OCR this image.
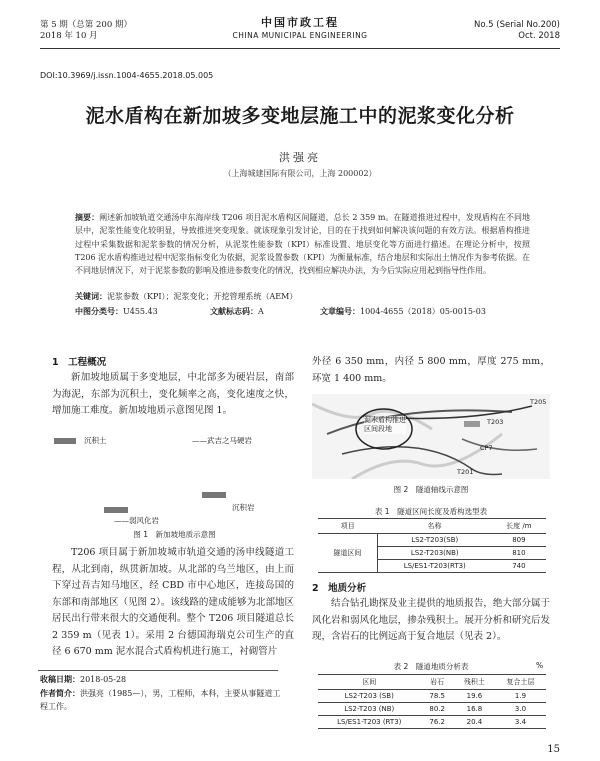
第 5 期（总第 200 期）
2018 年 10 月
中国市政工程
CHINA MUNICIPAL ENGINEERING
No.5 (Serial No.200)
Oct. 2018
DOI:10.3969/j.issn.1004-4655.2018.05.005
泥水盾构在新加坡多变地层施工中的泥浆变化分析
洪强亮
（上海城建国际有限公司，上海 200002）
摘要：阐述新加坡轨道交通汤申东海岸线 T206 项目泥水盾构区间隧道，总长 2 359 m。在隧道推进过程中，发现盾构在不同地层中，泥浆性能变化较明显，导致推进突变现象。就该现象引发讨论，目的在于找到如何解决该问题的有效方法。根据盾构推进过程中采集数据和泥浆参数的情况分析，从泥浆性能参数（KPI）标准设置、地层变化等方面进行描述。在理论分析中，按照 T206 泥水盾构推进过程中泥浆指标变化为依据，泥浆设置参数（KPI）为衡量标准，结合地层和实际出土情况作为参考依据。在不同地层情况下，对于泥浆参数的影响及推进参数变化的情况，找到相应解决办法，为今后实际应用起到指导性作用。
关键词：泥浆参数（KPI）；泥浆变化；开挖管理系统（AEM）
中图分类号：U455.43	文献标志码：A	文章编号：1004-4655（2018）05-0015-03
1　工程概况
新加坡地质属于多变地层，中北部多为硬岩层，南部为海泥，东部为沉积土，变化频率之高，变化速度之快，增加施工难度。新加坡地质示意图见图 1。
沉积土	——武吉之马硬岩
沉积岩
——弱风化岩
图 1　新加坡地质示意图
T206 项目属于新加坡城市轨道交通的汤申线隧道工程，从北到南，纵贯新加坡。从北部的乌兰地区，由上而下穿过吾吉知马地区，经 CBD 市中心地区，连接岛国的东部和南部地区（见图 2）。该线路的建成能够为北部地区居民出行带来很大的交通便利。整个 T206 项目隧道总长 2 359 m（见表 1）。采用 2 台德国海瑞克公司生产的直径 6 670 mm 泥水混合式盾构机进行施工，衬砌管片
收稿日期：2018-05-28
作者简介：洪强亮（1985—），男，工程师，本科，主要从事隧道工程工作。
外径 6 350 mm，内径 5 800 mm，厚度 275 mm，环宽 1 400 mm。
泥水盾构推进
区间段地
T203
CP7
T201
T205
图 2　隧道轴线示意图
表 1　隧道区间长度及盾构选型表
项目	名称	长度 /m
隧道区间	LS2-T203(SB)	809
	LS2-T203(NB)	810
	LS/ES1-T203(RT3)	740
2　地质分析
结合钻孔勘探及业主提供的地质报告，绝大部分属于风化岩和弱风化地层，掺杂残积土。展开分析和研究后发现，含岩石的比例远高于复合地层（见表 2）。
表 2　隧道地质分析表	%
区间	岩石	残积土	复合土层
LS2-T203 (SB)	78.5	19.6	1.9
LS2-T203 (NB)	80.2	16.8	3.0
LS/ES1-T203 (RT3)	76.2	20.4	3.4
15
